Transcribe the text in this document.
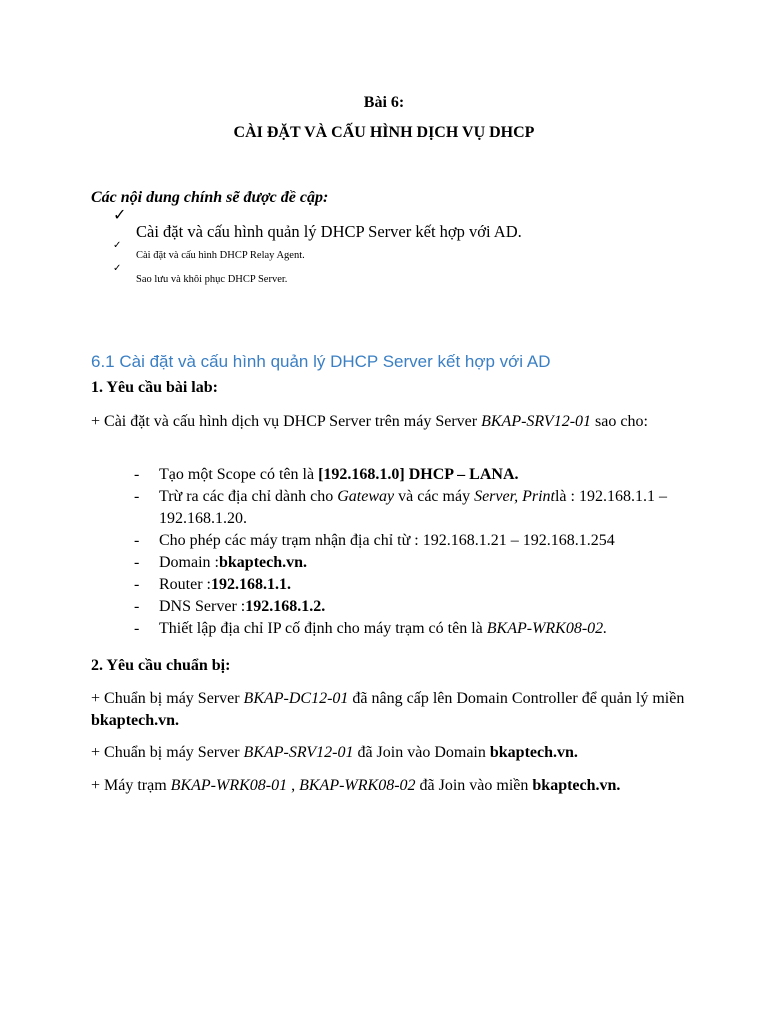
Bài 6:
CÀI ĐẶT VÀ CẤU HÌNH DỊCH VỤ DHCP
Các nội dung chính sẽ được đề cập:
✓
Cài đặt và cấu hình quản lý DHCP Server kết hợp với AD.
✓
Cài đặt và cấu hình DHCP Relay Agent.
✓
Sao lưu và khôi phục DHCP Server.
6.1 Cài đặt và cấu hình quản lý DHCP Server kết hợp với AD
1. Yêu cầu bài lab:
+ Cài đặt và cấu hình dịch vụ DHCP Server trên máy Server BKAP-SRV12-01 sao cho:
- Tạo một Scope có tên là [192.168.1.0] DHCP – LANA.
- Trừ ra các địa chỉ dành cho Gateway và các máy Server, Printlà : 192.168.1.1 – 192.168.1.20.
- Cho phép các máy trạm nhận địa chỉ từ : 192.168.1.21 – 192.168.1.254
- Domain :bkaptech.vn.
- Router :192.168.1.1.
- DNS Server :192.168.1.2.
- Thiết lập địa chỉ IP cố định cho máy trạm có tên là BKAP-WRK08-02.
2. Yêu cầu chuẩn bị:
+ Chuẩn bị máy Server BKAP-DC12-01 đã nâng cấp lên Domain Controller để quản lý miền bkaptech.vn.
+ Chuẩn bị máy Server BKAP-SRV12-01 đã Join vào Domain bkaptech.vn.
+ Máy trạm BKAP-WRK08-01 , BKAP-WRK08-02 đã Join vào miền bkaptech.vn.
